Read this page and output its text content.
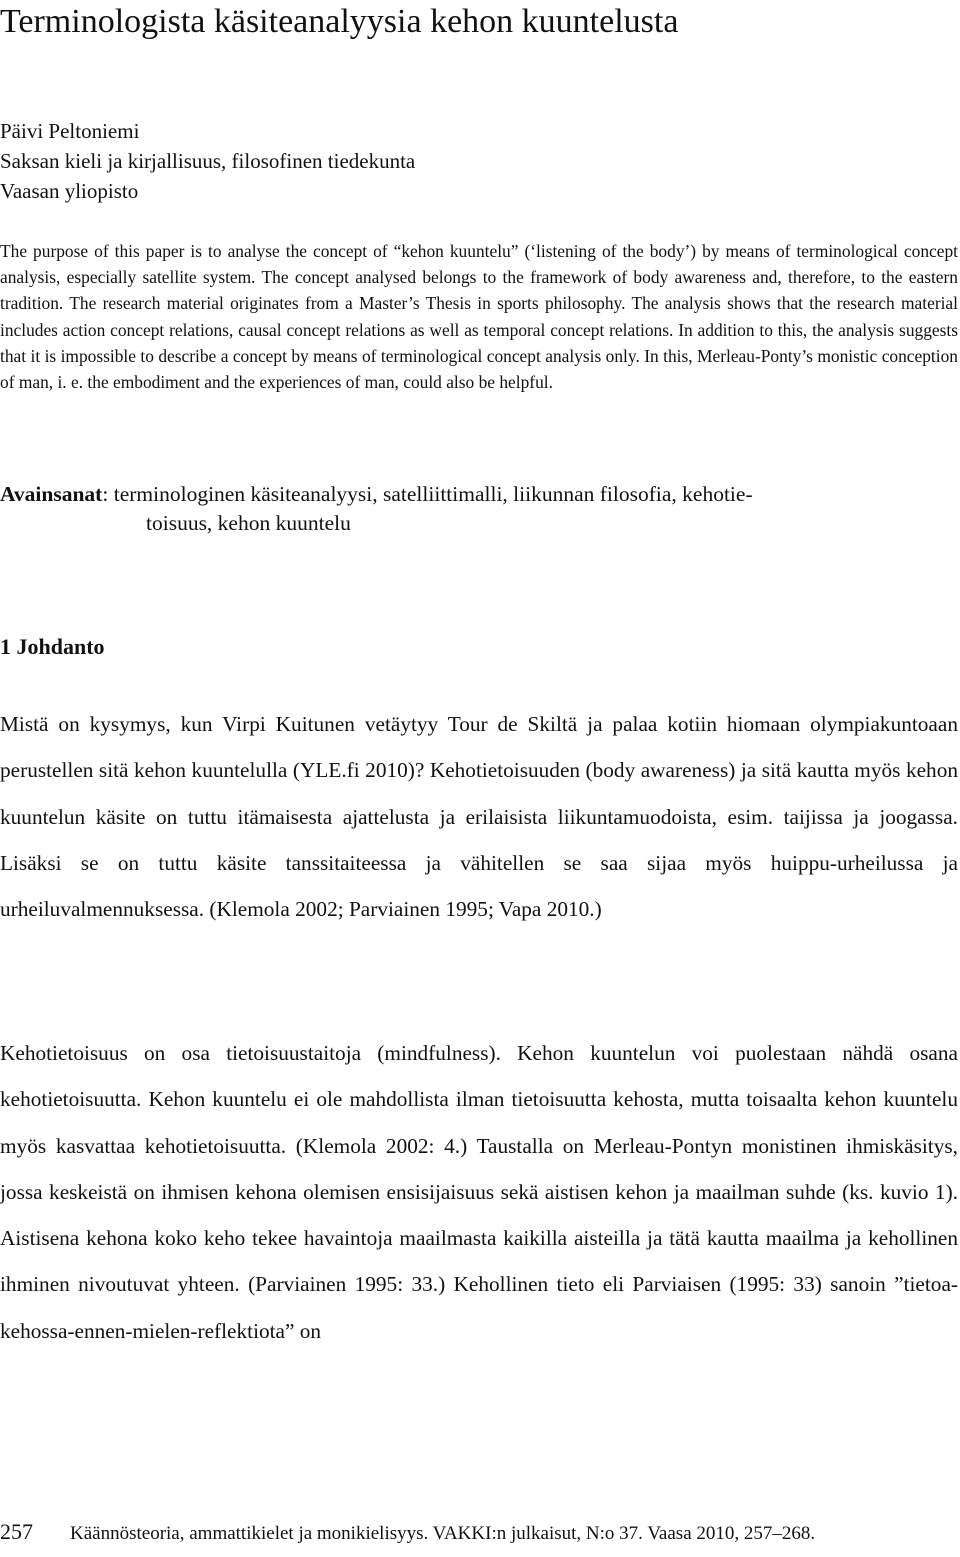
Terminologista käsiteanalyysia kehon kuuntelusta
Päivi Peltoniemi
Saksan kieli ja kirjallisuus, filosofinen tiedekunta
Vaasan yliopisto

The purpose of this paper is to analyse the concept of “kehon kuuntelu” (‘listening of the body’) by means of terminological concept analysis, especially satellite system. The concept analysed belongs to the framework of body awareness and, therefore, to the eastern tradition. The research material originates from a Master’s Thesis in sports philosophy. The analysis shows that the research material includes action concept relations, causal concept relations as well as temporal concept relations. In addition to this, the analysis suggests that it is impossible to describe a concept by means of terminological concept analysis only. In this, Merleau-Ponty’s monistic conception of man, i. e. the embodiment and the experiences of man, could also be helpful.

Avainsanat: terminologinen käsiteanalyysi, satelliittimalli, liikunnan filosofia, kehotie-
toisuus, kehon kuuntelu
1 Johdanto

Mistä on kysymys, kun Virpi Kuitunen vetäytyy Tour de Skiltä ja palaa kotiin hiomaan olympiakuntoaan perustellen sitä kehon kuuntelulla (YLE.fi 2010)? Kehotietoisuuden (body awareness) ja sitä kautta myös kehon kuuntelun käsite on tuttu itämaisesta ajattelusta ja erilaisista liikuntamuodoista, esim. taijissa ja joogassa. Lisäksi se on tuttu käsite tanssitaiteessa ja vähitellen se saa sijaa myös huippu-urheilussa ja urheiluvalmennuksessa. (Klemola 2002; Parviainen 1995; Vapa 2010.)

Kehotietoisuus on osa tietoisuustaitoja (mindfulness). Kehon kuuntelun voi puolestaan nähdä osana kehotietoisuutta. Kehon kuuntelu ei ole mahdollista ilman tietoisuutta kehosta, mutta toisaalta kehon kuuntelu myös kasvattaa kehotietoisuutta. (Klemola 2002: 4.) Taustalla on Merleau-Pontyn monistinen ihmiskäsitys, jossa keskeistä on ihmisen kehona olemisen ensisijaisuus sekä aistisen kehon ja maailman suhde (ks. kuvio 1). Aistisena kehona koko keho tekee havaintoja maailmasta kaikilla aisteilla ja tätä kautta maailma ja kehollinen ihminen nivoutuvat yhteen. (Parviainen 1995: 33.) Kehollinen tieto eli Parviaisen (1995: 33) sanoin ”tietoa-kehossa-ennen-mielen-reflektiota” on

257 Käännösteoria, ammattikielet ja monikielisyys. VAKKI:n julkaisut, N:o 37. Vaasa 2010, 257–268.
